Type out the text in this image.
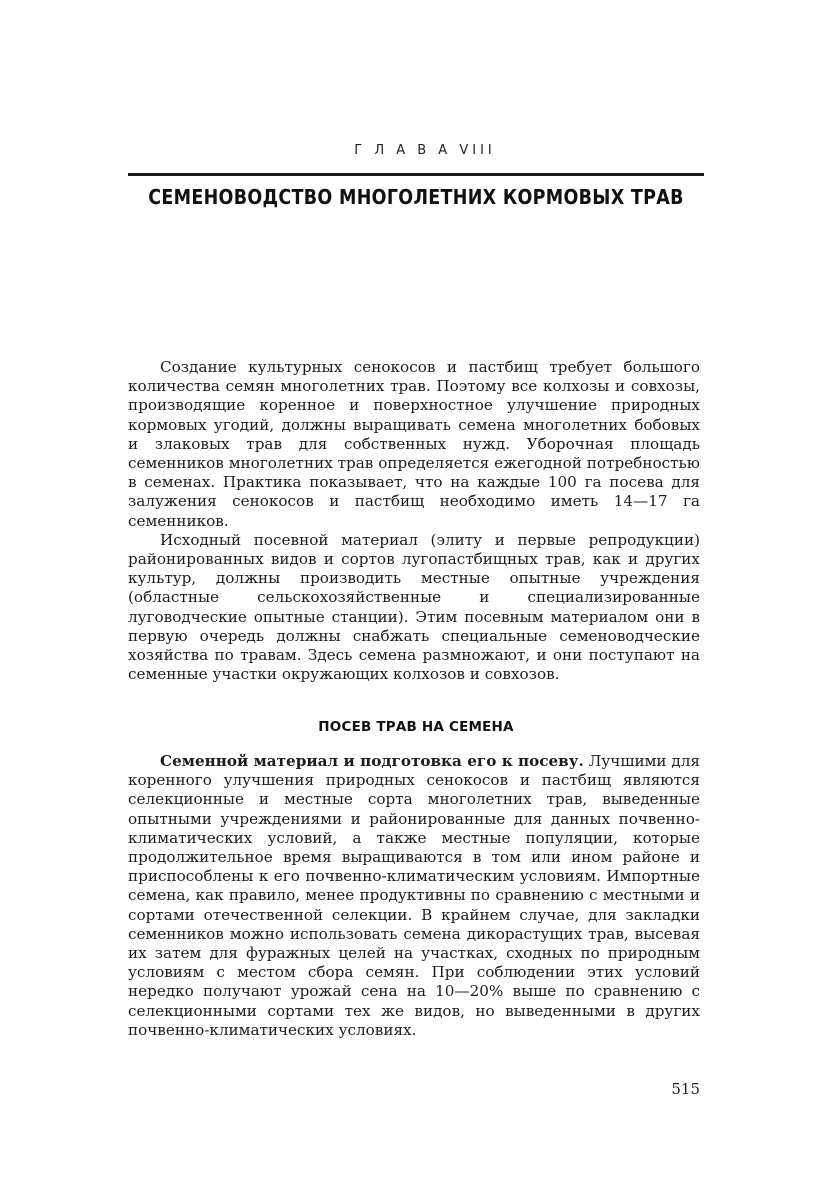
Г Л А В А VIII
СЕМЕНОВОДСТВО МНОГОЛЕТНИХ КОРМОВЫХ ТРАВ

Создание культурных сенокосов и пастбищ требует большого количества семян многолетних трав. Поэтому все колхозы и совхозы, производящие коренное и поверхностное улучшение природных кормовых угодий, должны выращивать семена многолетних бобовых и злаковых трав для собственных нужд. Уборочная площадь семенников многолетних трав определяется ежегодной потребностью в семенах. Практика показывает, что на каждые 100 га посева для залужения сенокосов и пастбищ необходимо иметь 14—17 га семенников.

Исходный посевной материал (элиту и первые репродукции) районированных видов и сортов лугопастбищных трав, как и других культур, должны производить местные опытные учреждения (областные сельскохозяйственные и специализированные луговодческие опытные станции). Этим посевным материалом они в первую очередь должны снабжать специальные семеноводческие хозяйства по травам. Здесь семена размножают, и они поступают на семенные участки окружающих колхозов и совхозов.

ПОСЕВ ТРАВ НА СЕМЕНА

Семенной материал и подготовка его к посеву. Лучшими для коренного улучшения природных сенокосов и пастбищ являются селекционные и местные сорта многолетних трав, выведенные опытными учреждениями и районированные для данных почвенно-климатических условий, а также местные популяции, которые продолжительное время выращиваются в том или ином районе и приспособлены к его почвенно-климатическим условиям. Импортные семена, как правило, менее продуктивны по сравнению с местными и сортами отечественной селекции. В крайнем случае, для закладки семенников можно использовать семена дикорастущих трав, высевая их затем для фуражных целей на участках, сходных по природным условиям с местом сбора семян. При соблюдении этих условий нередко получают урожай сена на 10—20% выше по сравнению с селекционными сортами тех же видов, но выведенными в других почвенно-климатических условиях.

515
